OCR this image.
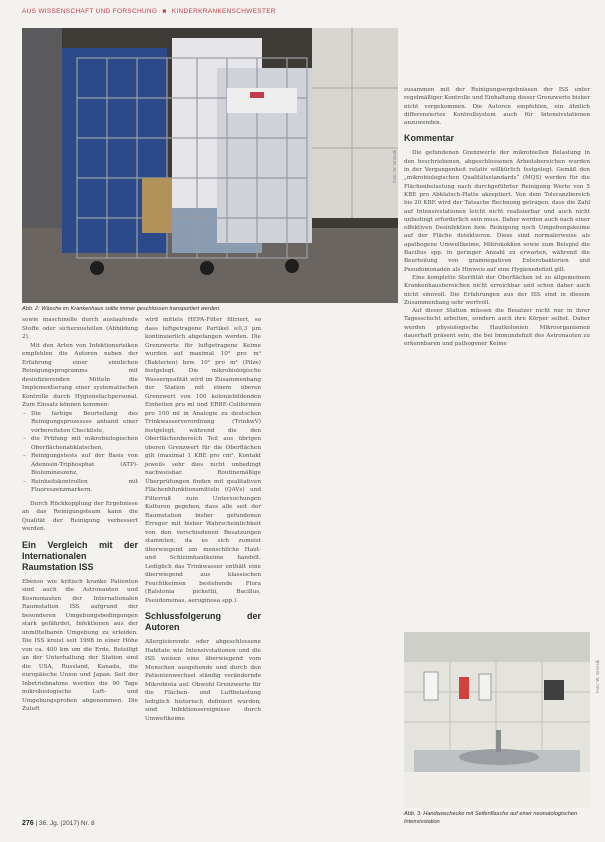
AUS WISSENSCHAFT UND FORSCHUNG ■ KINDERKRANKENSCHWESTER
Foto: W. Grzesik
Abb. 2: Wäsche im Krankenhaus sollte immer geschlossen transportiert werden.

sowie maschinelle durch auslaufende Stoffe oder sicherzustellen (Abbildung 2).

Mit den Arten von Infektionsrisiken empfehlen die Autoren neben der Erfahrung einer sinnlichen Reinigungsprogramms mit desinfizierenden Mitteln die Implementierung einer systematischen Kontrolle durch Hygienefachpersonal. Zum Einsatz können kommen:

– Die farbige Beurteilung des Reinigungsprozesses anhand einer vorbereiteten Checkliste,
– die Prüfung mit mikrobiologischen Oberflächenabklatschen,
– Reinigungstests auf der Basis von Adenosin-Triphosphat (ATP)-Biolumineszenz,
– Reinheitskontrollen mit Fluoreszenzmarkern.

Durch Rückkopplung der Ergebnisse an das Reinigungsteam kann die Qualität der Reinigung verbessert werden.

Ein Vergleich mit der Internationalen Raumstation ISS

Ebenso wie kritisch kranke Patienten sind auch die Astronauten und Kosmonauten der Internationalen Raumstation ISS aufgrund der besonderen Umgebungsbedingungen stark gefährdet, Infektionen aus der unmittelbaren Umgebung zu erleiden. Die ISS kreist seit 1998 in einer Höhe von ca. 400 km um die Erde. Beteiligt an der Unterhaltung der Station sind die USA, Russland, Kanada, die europäische Union und Japan. Seit der Inbetriebnahme werden die 90 Tage mikrobiologische Luft- und Umgebungsproben abgenommen. Die Zuluft

wird mittels HEPA-Filter filtriert, so dass luftgetragene Partikel ≥0,3 µm kontinuierlich abgefangen werden. Die Grenzwerte für luftgetragene Keime wurden auf maximal 10³ pro m³ (Bakterien) bzw. 10² pro m³ (Pilze) festgelegt. Die mikrobiologische Wasserqualität wird im Zusammenhang der Station mit einem oberen Grenzwert von 100 koloniebildenden Einheiten pro ml und ERBE-Coliformen pro 100 ml in Analogie zu deutschen Trinkwasserverordnung (TrinkwV) festgelegt, während die den Oberflächenbereich Teil aus übrigen oberen Grenzwert für die Oberflächen gilt (maximal 1 KBE pro cm², Kontakt jeweils sehr dies nicht unbedingt nachweisbar. Routinemäßige Überprüfungen finden mit qualitativen Flächenhfunktionsmitteln (QAVs) und Filterruß zum Untersuchungen Kulturen gegeben, dass alle seit der Raumstation bisher gefundenen Erreger mit bisher Wahrscheinlichkeit von den verschiedenen Besatzungen stammten, da es sich zumeist überwiegend um menschliche Haut- und Schleimhautkeime handelt. Lediglich das Trinkwasser enthält eine überwiegend aus klassischen Feuchtkeimen bestehende Flora (Ralstonia pickettii, Bacillus, Pseudomonas, aeruginosa spp.).

Schlussfolgerung der Autoren

Allergisierende oder abgeschlossene Habitate wie Intensivstationen und die ISS weisen eine überwiegend vom Menschen ausgehende und durch den Patientenwechsel ständig verändernde Mikrobiota auf. Obwohl Grenzwerte für die Flächen- und Luftbelastung lediglich historisch definiert wurden, sind Infektionsereignisse durch Umweltkeime

zusammen mit der Reinigungsergebnissen der ISS unter regelmäßiger Kontrolle und Einhaltung dieser Grenzwerte bisher nicht vorgekommen. Die Autoren empfehlen, ein ähnlich differenziertes Kontrollsystem auch für Intensivstationen anzuwenden.

Kommentar

Die gefundenen Grenzwerte der mikrobiellen Belastung in den beschriebenen, abgeschlossenen Arbeitsbereichen wurden in der Vergangenheit relativ willkürlich festgelegt. Gemäß den „mikrobiologischen Qualitätsstandards“ (MQS) werden für die Flächenbelastung nach durchgeführter Reinigung Werte von 5 KBE pro Abklatsch-Platte akzeptiert. Von dem Toleranzbereich bis 20 KBE wird der Tatsache Rechnung getragen, dass die Zahl auf Intensivstationen leicht nicht realisierbar und auch nicht unbedingt erforderlich sein muss. Daher werden auch nach einer effektiven Desinfektion bzw. Reinigung noch Umgebungskeime auf der Fläche detektieren. Diese sind normalerweise als apathogene Umweltkeime, Mikrokokken sowie zum Beispiel die Bacillus spp. in geringer Anzahl zu erwarten, während die Beurteilung von gramnegativen Enterobakterien und Pseudomonaden als Hinweis auf eine Hygienedefizit gilt.

Eine komplette Sterilität der Oberflächen ist zu allgemeinem Krankenhausbereichen nicht erreichbar und schon daher auch nicht sinnvoll. Die Erfahrungen aus der ISS sind in diesem Zusammenhang sehr wertvoll.

Auf dieser Station müssen die Besatzer nicht nur in ihrer Tagesschicht arbeiten, sondern auch ihre Körper selbst. Daher werden physiologische Hautkolonien Mikroorganismen dauerhaft präsent sein, die bei Immundefizit des Astronauten zu erkennbaren und pathogener Keime

Foto: W. Grzesik
Abb. 3: Handwaschecke mit Seifenflasche auf einer neonatologischen Intensivstation
276 | 36. Jg. (2017) Nr. 8
